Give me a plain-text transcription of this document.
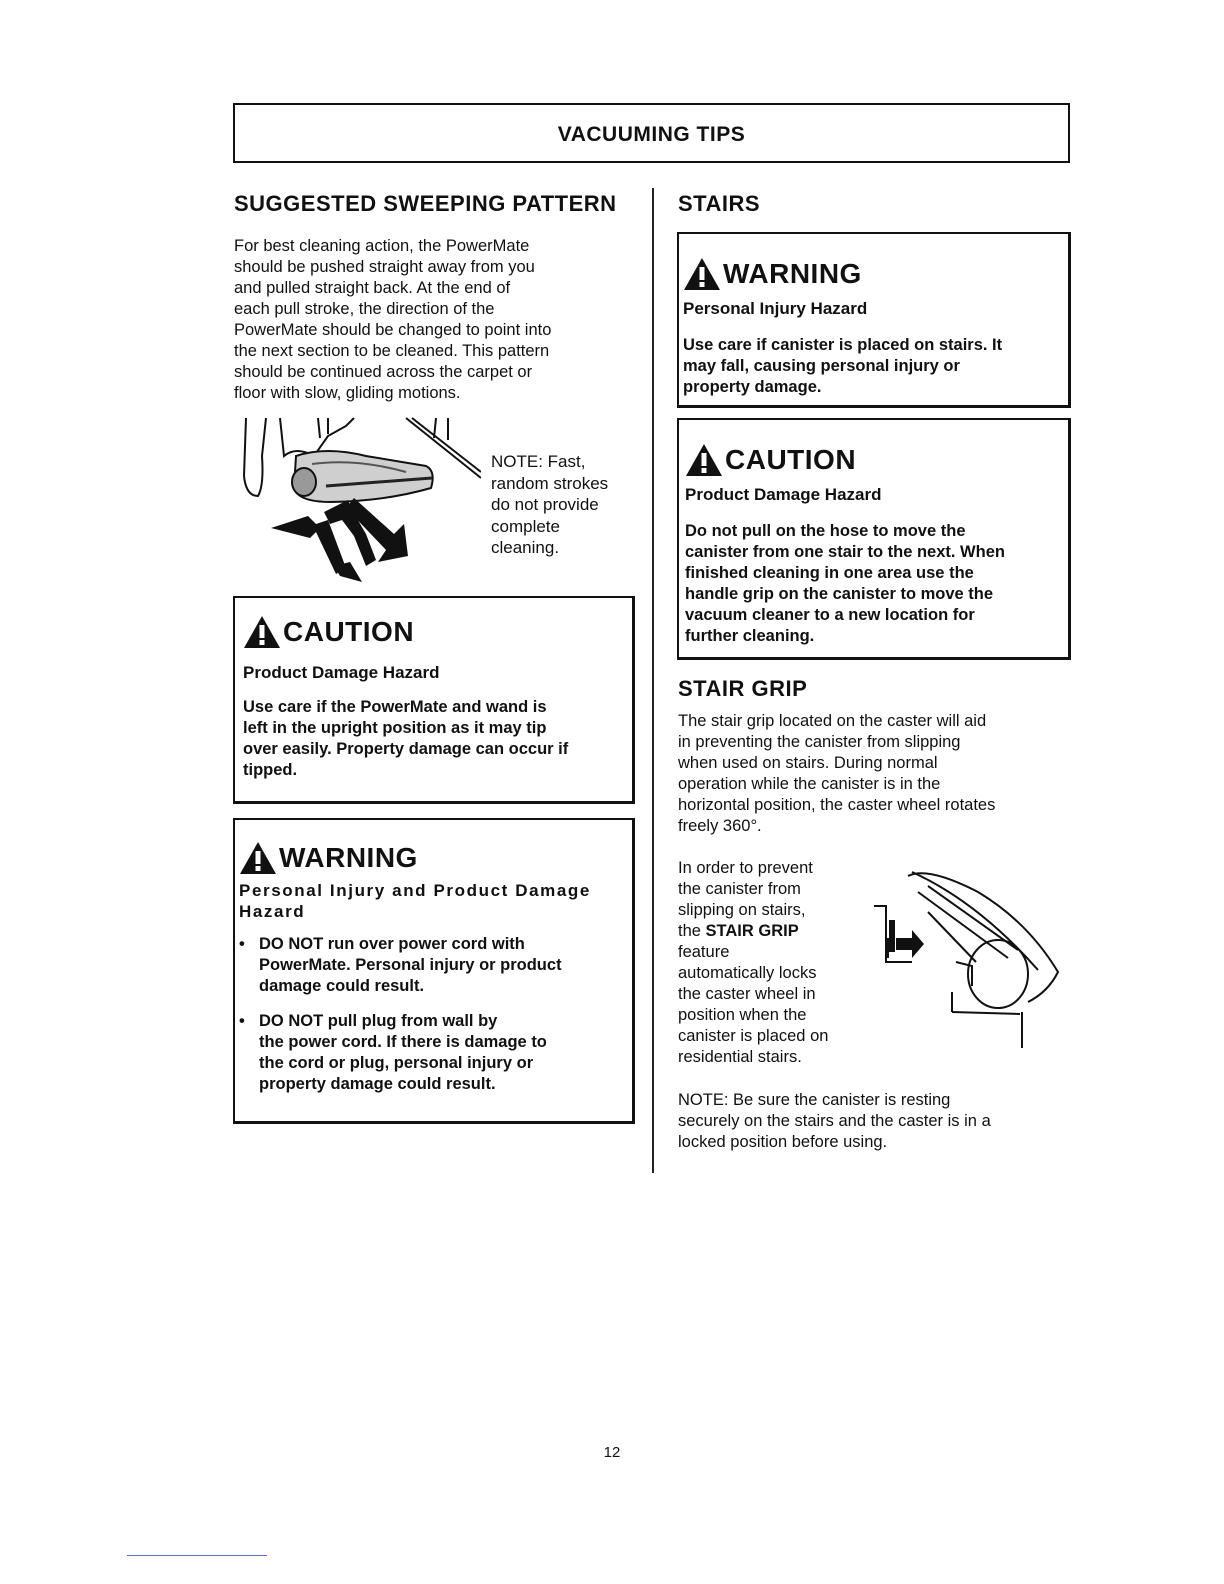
VACUUMING TIPS
SUGGESTED SWEEPING PATTERN
For best cleaning action, the PowerMate
should be pushed straight away from you
and pulled straight back. At the end of
each pull stroke, the direction of the
PowerMate should be changed to point into
the next section to be cleaned. This pattern
should be continued across the carpet or
floor with slow, gliding motions.
NOTE: Fast,
random strokes
do not provide
complete
cleaning.
CAUTION
Product Damage Hazard
Use care if the PowerMate and wand is
left in the upright position as it may tip
over easily. Property damage can occur if
tipped.
WARNING
Personal Injury and Product Damage
Hazard
• DO NOT run over power cord with
PowerMate. Personal injury or product
damage could result.
• DO NOT pull plug from wall by
the power cord. If there is damage to
the cord or plug, personal injury or
property damage could result.
STAIRS
WARNING
Personal Injury Hazard
Use care if canister is placed on stairs. It
may fall, causing personal injury or
property damage.
CAUTION
Product Damage Hazard
Do not pull on the hose to move the
canister from one stair to the next. When
finished cleaning in one area use the
handle grip on the canister to move the
vacuum cleaner to a new location for
further cleaning.
STAIR GRIP
The stair grip located on the caster will aid
in preventing the canister from slipping
when used on stairs. During normal
operation while the canister is in the
horizontal position, the caster wheel rotates
freely 360°.
In order to prevent
the canister from
slipping on stairs,
the STAIR GRIP
feature
automatically locks
the caster wheel in
position when the
canister is placed on
residential stairs.
NOTE: Be sure the canister is resting
securely on the stairs and the caster is in a
locked position before using.
12
